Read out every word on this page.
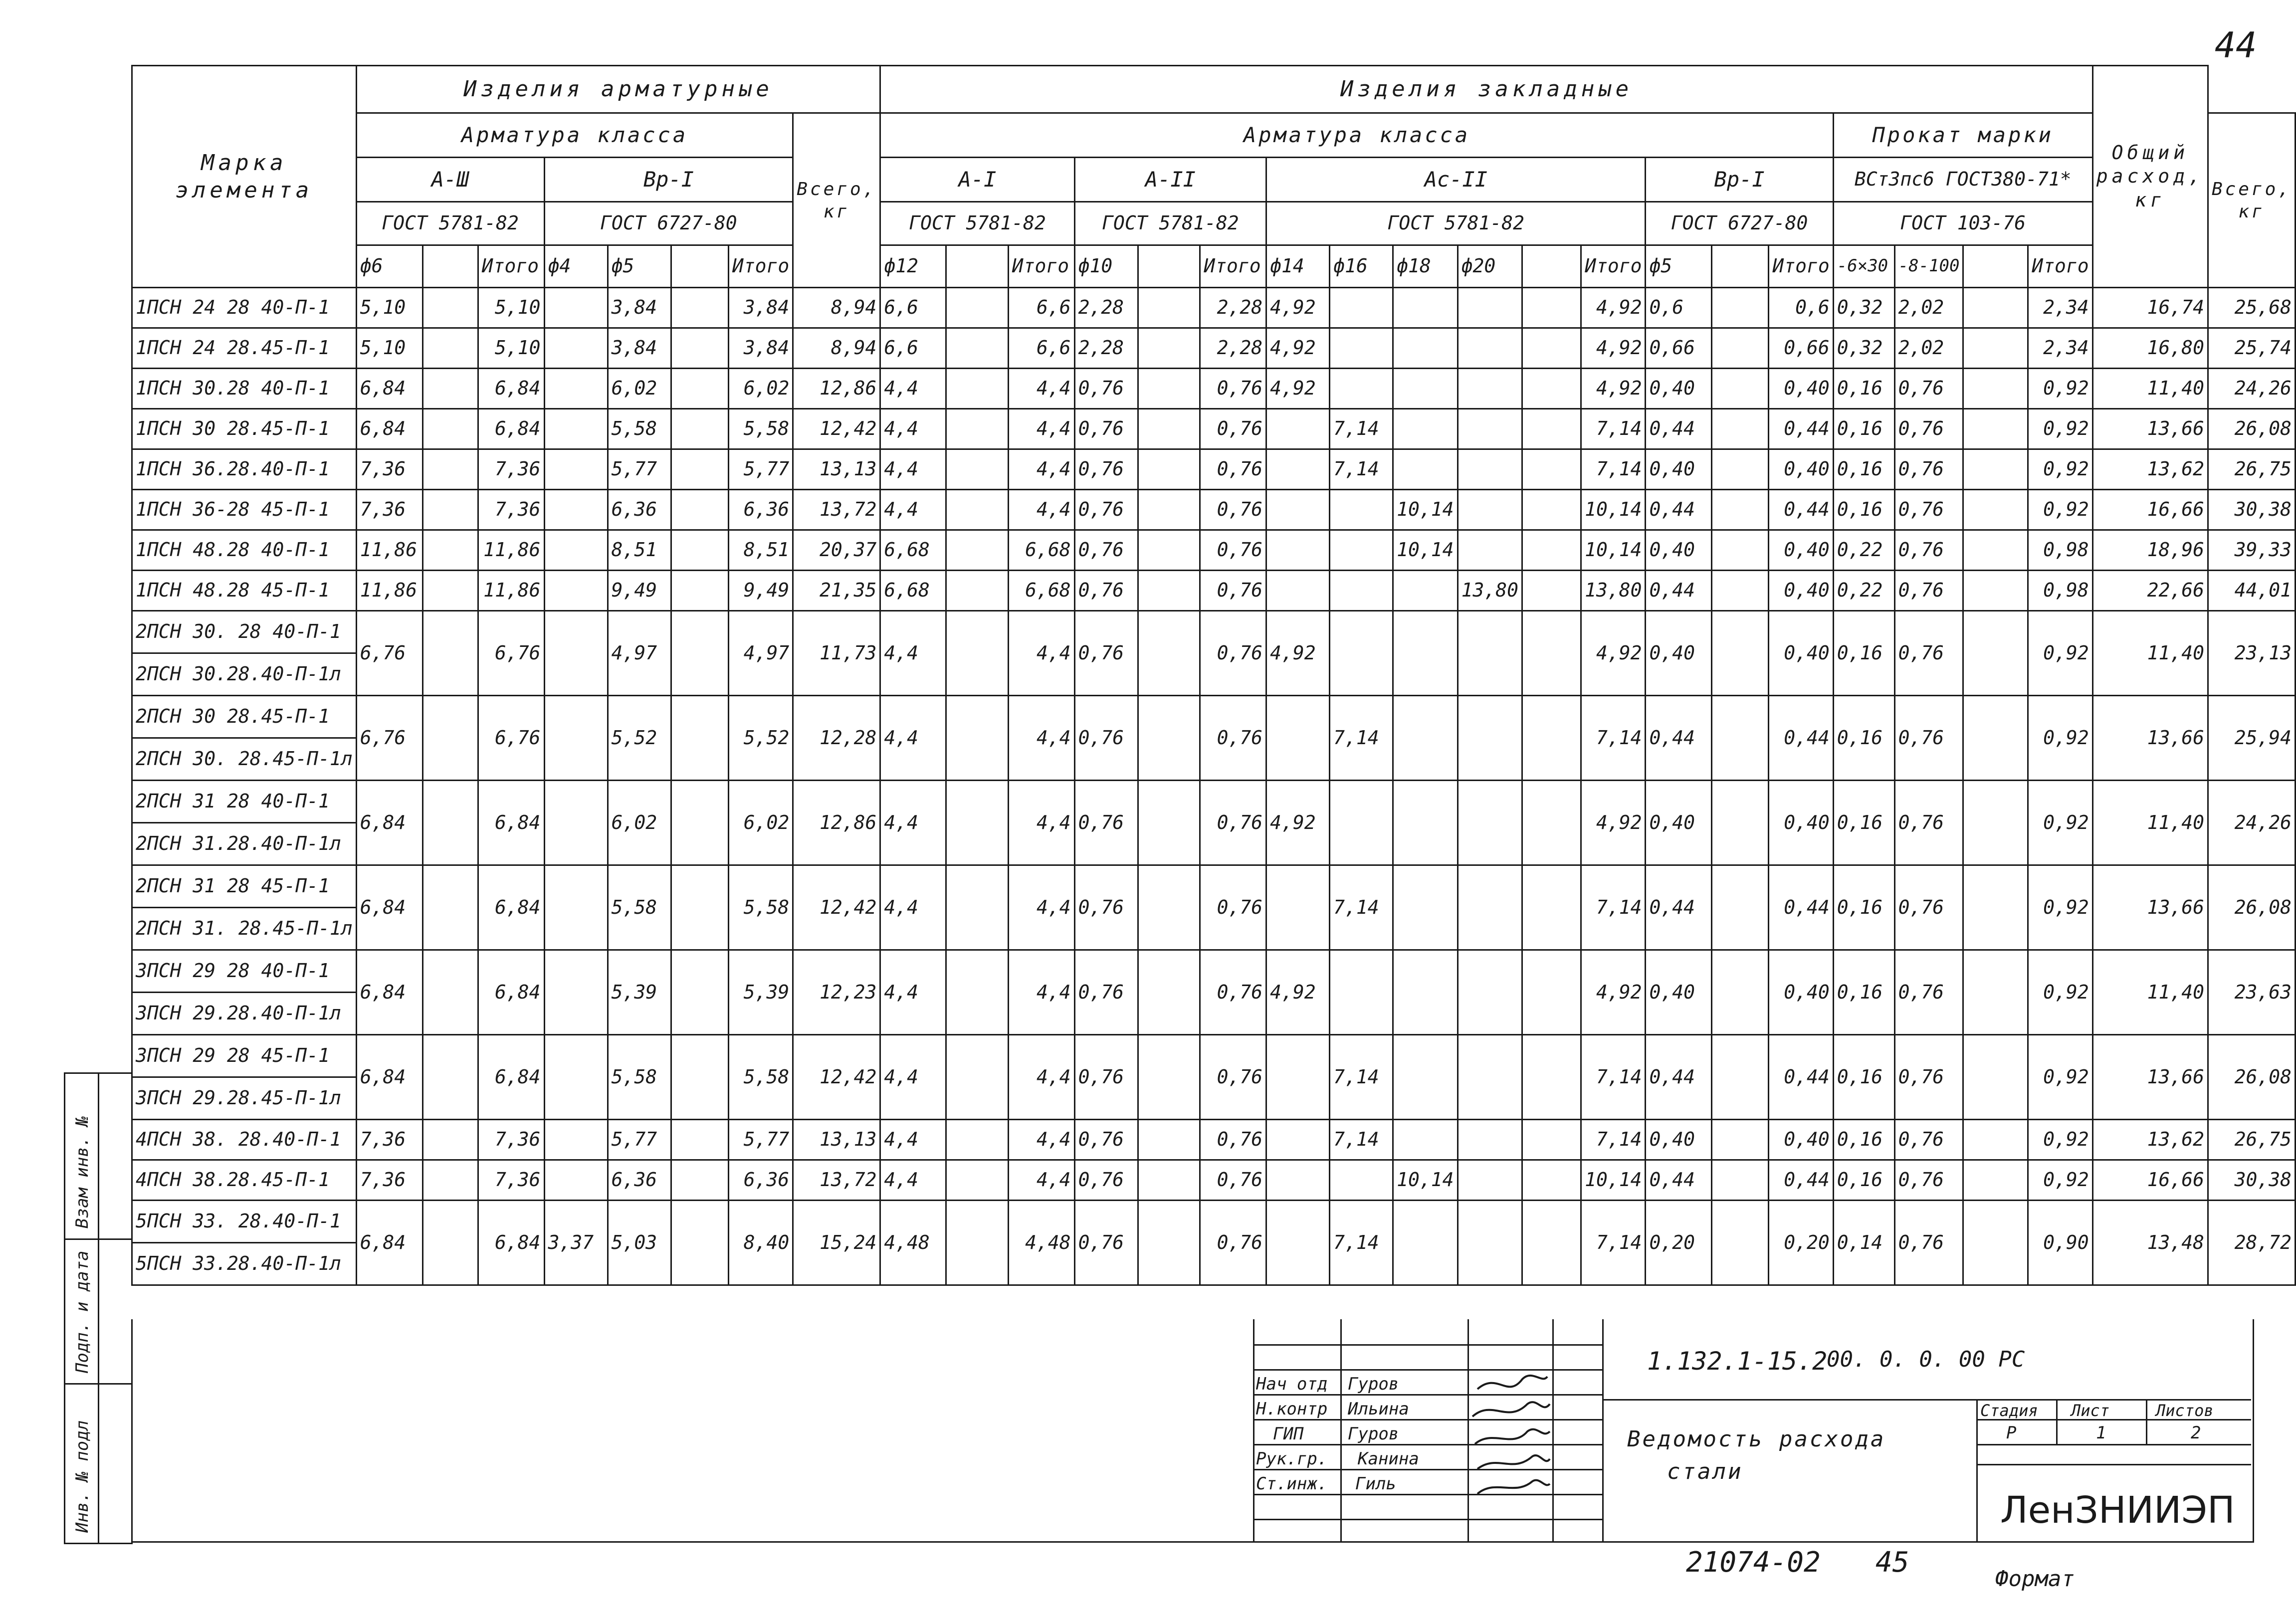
44
Марка элемента	Изделия арматурные								Изделия закладные																			Общий расход, кг	
	Арматура класса							Всего, кг	Арматура класса															Прокат марки					Всего, кг
	А-Ш			Вр-I					А-I			А-II			Ас-II						Вр-I			ВСт3пс6 ГОСТ380-71*					
	ГОСТ 5781-82			ГОСТ 6727-80					ГОСТ 5781-82			ГОСТ 5781-82			ГОСТ 5781-82						ГОСТ 6727-80			ГОСТ 103-76					
	ф6		Итого	ф4	ф5		Итого		ф12		Итого	ф10		Итого	ф14	ф16	ф18	ф20		Итого	ф5		Итого	-6×30	-8-100		Итого		
1ПСН 24 28 40-П-1	5,10		5,10		3,84		3,84	8,94	6,6		6,6	2,28		2,28	4,92					4,92	0,6		0,6	0,32	2,02		2,34	16,74	25,68
1ПСН 24 28.45-П-1	5,10		5,10		3,84		3,84	8,94	6,6		6,6	2,28		2,28	4,92					4,92	0,66		0,66	0,32	2,02		2,34	16,80	25,74
1ПСН 30.28 40-П-1	6,84		6,84		6,02		6,02	12,86	4,4		4,4	0,76		0,76	4,92					4,92	0,40		0,40	0,16	0,76		0,92	11,40	24,26
1ПСН 30 28.45-П-1	6,84		6,84		5,58		5,58	12,42	4,4		4,4	0,76		0,76		7,14				7,14	0,44		0,44	0,16	0,76		0,92	13,66	26,08
1ПСН 36.28.40-П-1	7,36		7,36		5,77		5,77	13,13	4,4		4,4	0,76		0,76		7,14				7,14	0,40		0,40	0,16	0,76		0,92	13,62	26,75
1ПСН 36-28 45-П-1	7,36		7,36		6,36		6,36	13,72	4,4		4,4	0,76		0,76			10,14			10,14	0,44		0,44	0,16	0,76		0,92	16,66	30,38
1ПСН 48.28 40-П-1	11,86		11,86		8,51		8,51	20,37	6,68		6,68	0,76		0,76			10,14			10,14	0,40		0,40	0,22	0,76		0,98	18,96	39,33
1ПСН 48.28 45-П-1	11,86		11,86		9,49		9,49	21,35	6,68		6,68	0,76		0,76				13,80		13,80	0,44		0,40	0,22	0,76		0,98	22,66	44,01
2ПСН 30. 28 40-П-1	6,76		6,76		4,97		4,97	11,73	4,4		4,4	0,76		0,76	4,92					4,92	0,40		0,40	0,16	0,76		0,92	11,40	23,13
2ПСН 30.28.40-П-1л																													
2ПСН 30 28.45-П-1	6,76		6,76		5,52		5,52	12,28	4,4		4,4	0,76		0,76		7,14				7,14	0,44		0,44	0,16	0,76		0,92	13,66	25,94
2ПСН 30. 28.45-П-1л																													
2ПСН 31 28 40-П-1	6,84		6,84		6,02		6,02	12,86	4,4		4,4	0,76		0,76	4,92					4,92	0,40		0,40	0,16	0,76		0,92	11,40	24,26
2ПСН 31.28.40-П-1л																													
2ПСН 31 28 45-П-1	6,84		6,84		5,58		5,58	12,42	4,4		4,4	0,76		0,76		7,14				7,14	0,44		0,44	0,16	0,76		0,92	13,66	26,08
2ПСН 31. 28.45-П-1л																													
3ПСН 29 28 40-П-1	6,84		6,84		5,39		5,39	12,23	4,4		4,4	0,76		0,76	4,92					4,92	0,40		0,40	0,16	0,76		0,92	11,40	23,63
3ПСН 29.28.40-П-1л																													
3ПСН 29 28 45-П-1	6,84		6,84		5,58		5,58	12,42	4,4		4,4	0,76		0,76		7,14				7,14	0,44		0,44	0,16	0,76		0,92	13,66	26,08
3ПСН 29.28.45-П-1л																													
4ПСН 38. 28.40-П-1	7,36		7,36		5,77		5,77	13,13	4,4		4,4	0,76		0,76		7,14				7,14	0,40		0,40	0,16	0,76		0,92	13,62	26,75
4ПСН 38.28.45-П-1	7,36		7,36		6,36		6,36	13,72	4,4		4,4	0,76		0,76			10,14			10,14	0,44		0,44	0,16	0,76		0,92	16,66	30,38
5ПСН 33. 28.40-П-1	6,84		6,84	3,37	5,03		8,40	15,24	4,48		4,48	0,76		0,76		7,14				7,14	0,20		0,20	0,14	0,76		0,90	13,48	28,72
5ПСН 33.28.40-П-1л																													
Взам инв. №
Подп. и дата
Инв. № подл
1.132.1-15.2
00. 0. 0. 00 РС
Нач отд
Н.контр
ГИП
Рук.гр.
Ст.инж.
Гуров
Ильина
Гуров
Канина
Гиль
Ведомость расхода
стали
Стадия Лист	Листов
Р	1	2
ЛенЗНИИЭП
21074-02 45
Формат
